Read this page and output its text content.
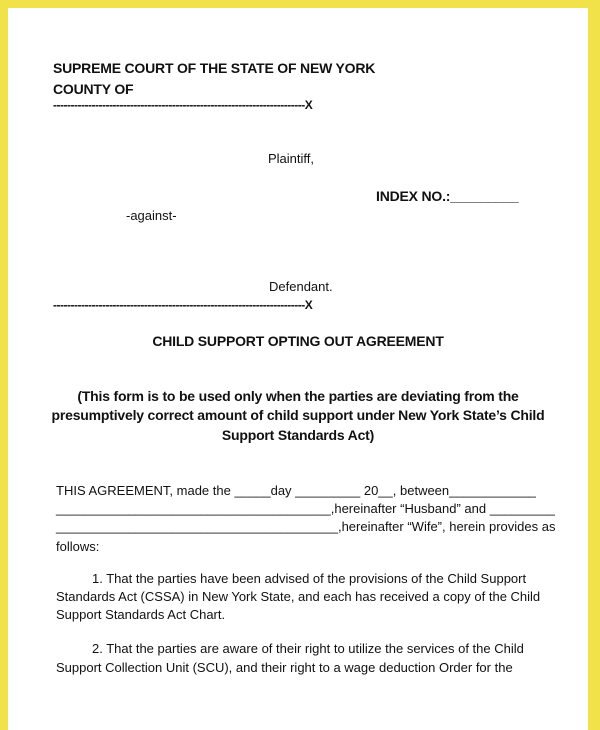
SUPREME COURT OF THE STATE OF NEW YORK
COUNTY OF
------------------------------------------------------------------------X
Plaintiff,
INDEX NO.:_________
-against-
Defendant.
------------------------------------------------------------------------X
CHILD SUPPORT OPTING OUT AGREEMENT
(This form is to be used only when the parties are deviating from the
presumptively correct amount of child support under New York State’s Child
Support Standards Act)
THIS AGREEMENT, made the _____day _________ 20__, between____________
______________________________________,hereinafter “Husband” and _________
_______________________________________,hereinafter “Wife”, herein provides as
follows:
1. That the parties have been advised of the provisions of the Child Support
Standards Act (CSSA) in New York State, and each has received a copy of the Child
Support Standards Act Chart.
2. That the parties are aware of their right to utilize the services of the Child
Support Collection Unit (SCU), and their right to a wage deduction Order for the
